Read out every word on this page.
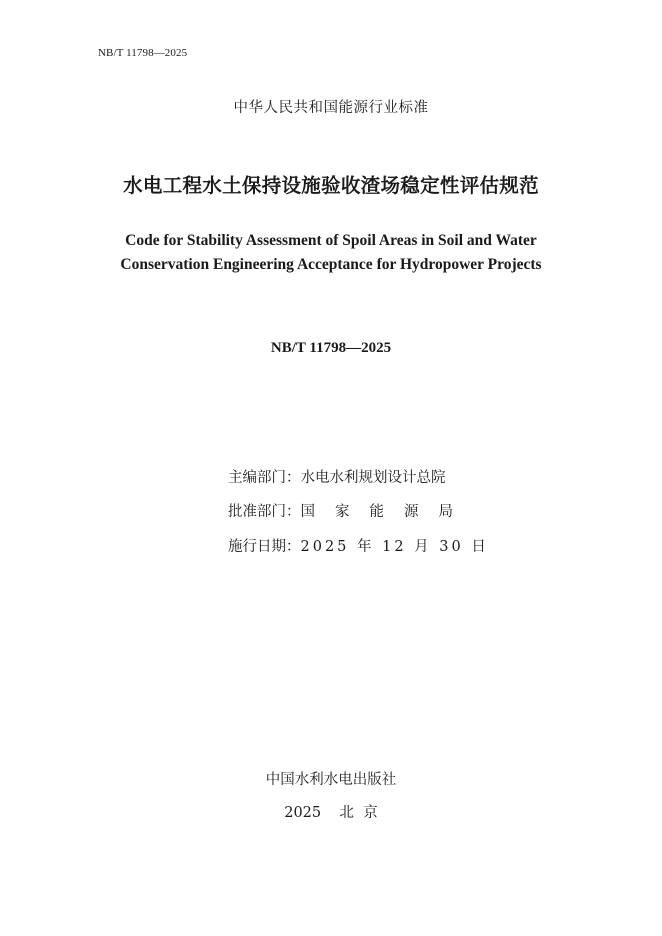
NB/T 11798—2025
中华人民共和国能源行业标准
水电工程水土保持设施验收渣场稳定性评估规范
Code for Stability Assessment of Spoil Areas in Soil and Water
Conservation Engineering Acceptance for Hydropower Projects
NB/T 11798—2025
主编部门：水电水利规划设计总院
批准部门：国家能源局
施行日期：2025 年 12 月 30 日
中国水利水电出版社
2025    北  京
